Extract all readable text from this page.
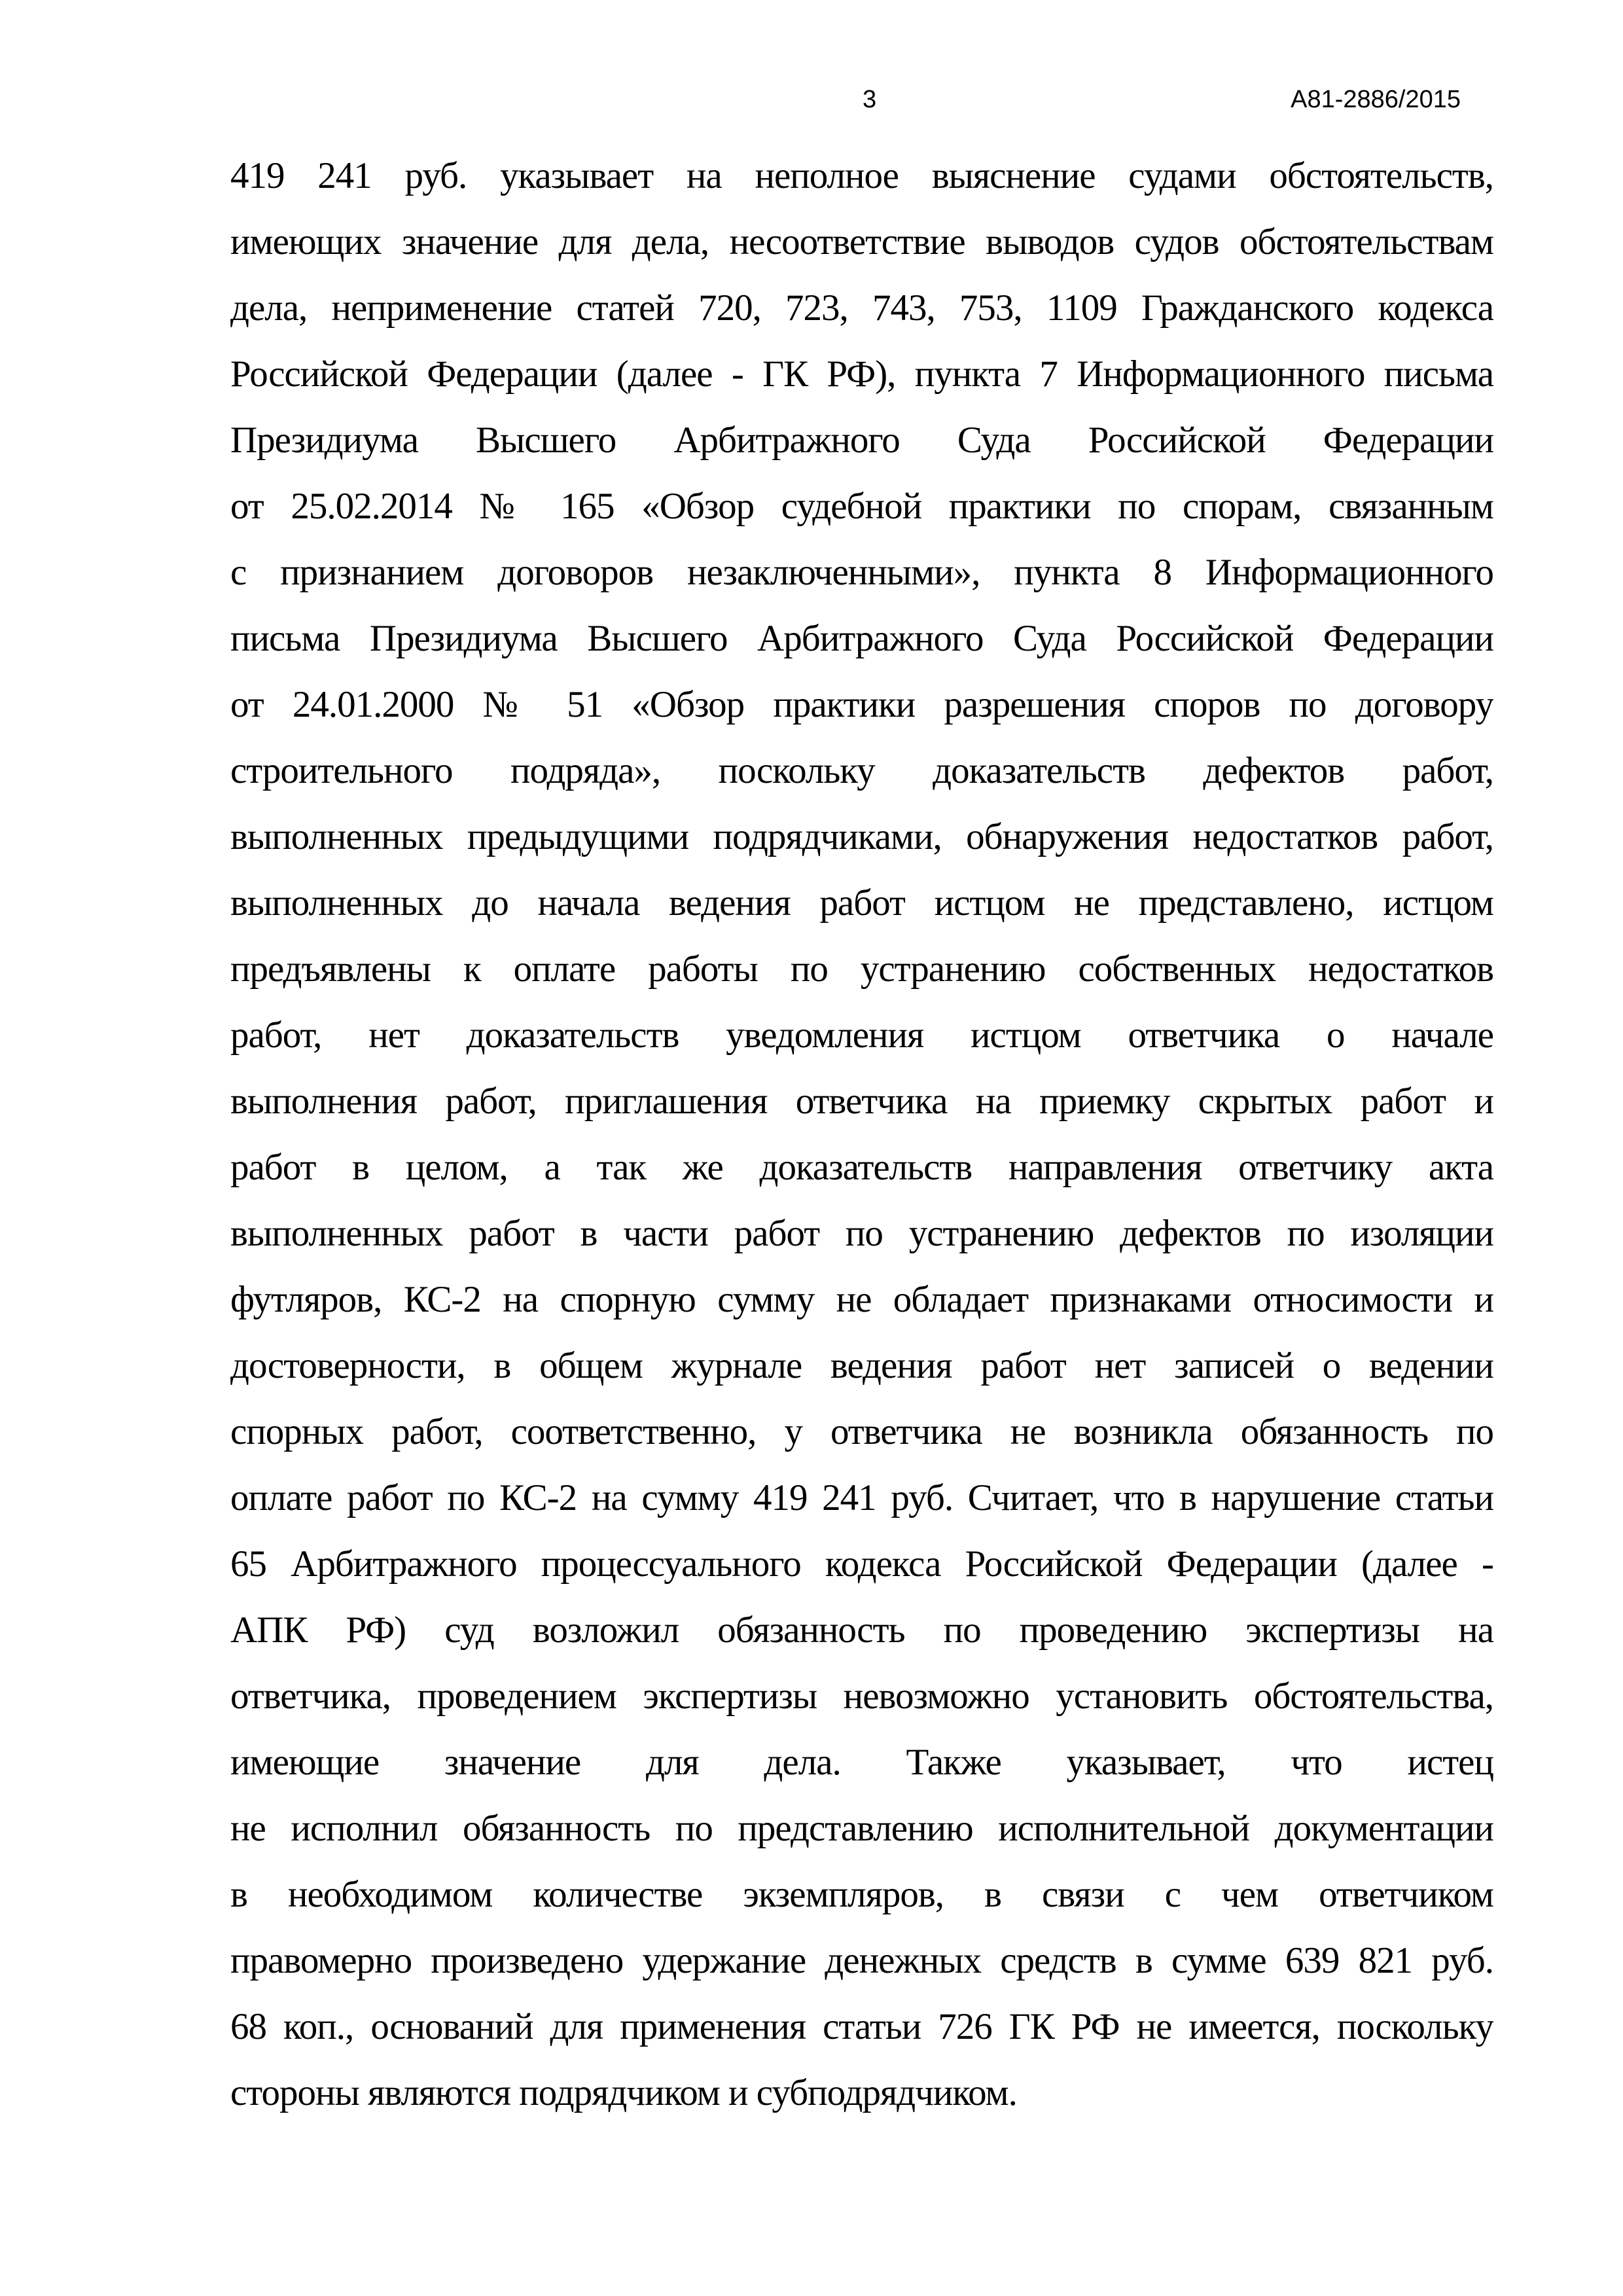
3	А81-2886/2015
419 241 руб. указывает на неполное выяснение судами обстоятельств,
имеющих значение для дела, несоответствие выводов судов обстоятельствам
дела, неприменение статей 720, 723, 743, 753, 1109 Гражданского кодекса
Российской Федерации (далее - ГК РФ), пункта 7 Информационного письма
Президиума Высшего Арбитражного Суда Российской Федерации
от 25.02.2014 № 165 «Обзор судебной практики по спорам, связанным
с признанием договоров незаключенными», пункта 8 Информационного
письма Президиума Высшего Арбитражного Суда Российской Федерации
от 24.01.2000 № 51 «Обзор практики разрешения споров по договору
строительного подряда», поскольку доказательств дефектов работ,
выполненных предыдущими подрядчиками, обнаружения недостатков работ,
выполненных до начала ведения работ истцом не представлено, истцом
предъявлены к оплате работы по устранению собственных недостатков
работ, нет доказательств уведомления истцом ответчика о начале
выполнения работ, приглашения ответчика на приемку скрытых работ и
работ в целом, а так же доказательств направления ответчику акта
выполненных работ в части работ по устранению дефектов по изоляции
футляров, КС-2 на спорную сумму не обладает признаками относимости и
достоверности, в общем журнале ведения работ нет записей о ведении
спорных работ, соответственно, у ответчика не возникла обязанность по
оплате работ по КС-2 на сумму 419 241 руб. Считает, что в нарушение статьи
65 Арбитражного процессуального кодекса Российской Федерации (далее -
АПК РФ) суд возложил обязанность по проведению экспертизы на
ответчика, проведением экспертизы невозможно установить обстоятельства,
имеющие значение для дела. Также указывает, что истец
не исполнил обязанность по представлению исполнительной документации
в необходимом количестве экземпляров, в связи с чем ответчиком
правомерно произведено удержание денежных средств в сумме 639 821 руб.
68 коп., оснований для применения статьи 726 ГК РФ не имеется, поскольку
стороны являются подрядчиком и субподрядчиком.
